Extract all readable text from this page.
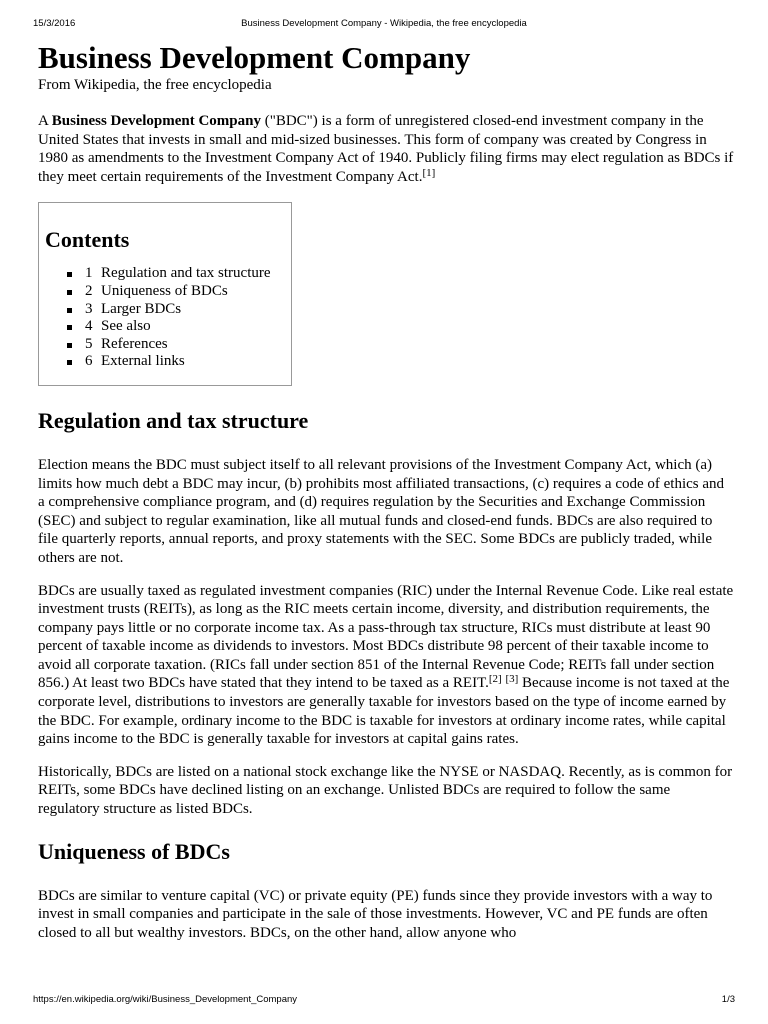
15/3/2016	Business Development Company - Wikipedia, the free encyclopedia
Business Development Company
From Wikipedia, the free encyclopedia

A Business Development Company ("BDC") is a form of unregistered closed-end investment company in the United States that invests in small and mid-sized businesses. This form of company was created by Congress in 1980 as amendments to the Investment Company Act of 1940. Publicly filing firms may elect regulation as BDCs if they meet certain requirements of the Investment Company Act.[1]

Contents
1 Regulation and tax structure
2 Uniqueness of BDCs
3 Larger BDCs
4 See also
5 References
6 External links
Regulation and tax structure

Election means the BDC must subject itself to all relevant provisions of the Investment Company Act, which (a) limits how much debt a BDC may incur, (b) prohibits most affiliated transactions, (c) requires a code of ethics and a comprehensive compliance program, and (d) requires regulation by the Securities and Exchange Commission (SEC) and subject to regular examination, like all mutual funds and closed-end funds. BDCs are also required to file quarterly reports, annual reports, and proxy statements with the SEC. Some BDCs are publicly traded, while others are not.

BDCs are usually taxed as regulated investment companies (RIC) under the Internal Revenue Code. Like real estate investment trusts (REITs), as long as the RIC meets certain income, diversity, and distribution requirements, the company pays little or no corporate income tax. As a pass-through tax structure, RICs must distribute at least 90 percent of taxable income as dividends to investors. Most BDCs distribute 98 percent of their taxable income to avoid all corporate taxation. (RICs fall under section 851 of the Internal Revenue Code; REITs fall under section 856.) At least two BDCs have stated that they intend to be taxed as a REIT.[2] [3] Because income is not taxed at the corporate level, distributions to investors are generally taxable for investors based on the type of income earned by the BDC. For example, ordinary income to the BDC is taxable for investors at ordinary income rates, while capital gains income to the BDC is generally taxable for investors at capital gains rates.

Historically, BDCs are listed on a national stock exchange like the NYSE or NASDAQ. Recently, as is common for REITs, some BDCs have declined listing on an exchange. Unlisted BDCs are required to follow the same regulatory structure as listed BDCs.

Uniqueness of BDCs

BDCs are similar to venture capital (VC) or private equity (PE) funds since they provide investors with a way to invest in small companies and participate in the sale of those investments. However, VC and PE funds are often closed to all but wealthy investors. BDCs, on the other hand, allow anyone who

https://en.wikipedia.org/wiki/Business_Development_Company	1/3
